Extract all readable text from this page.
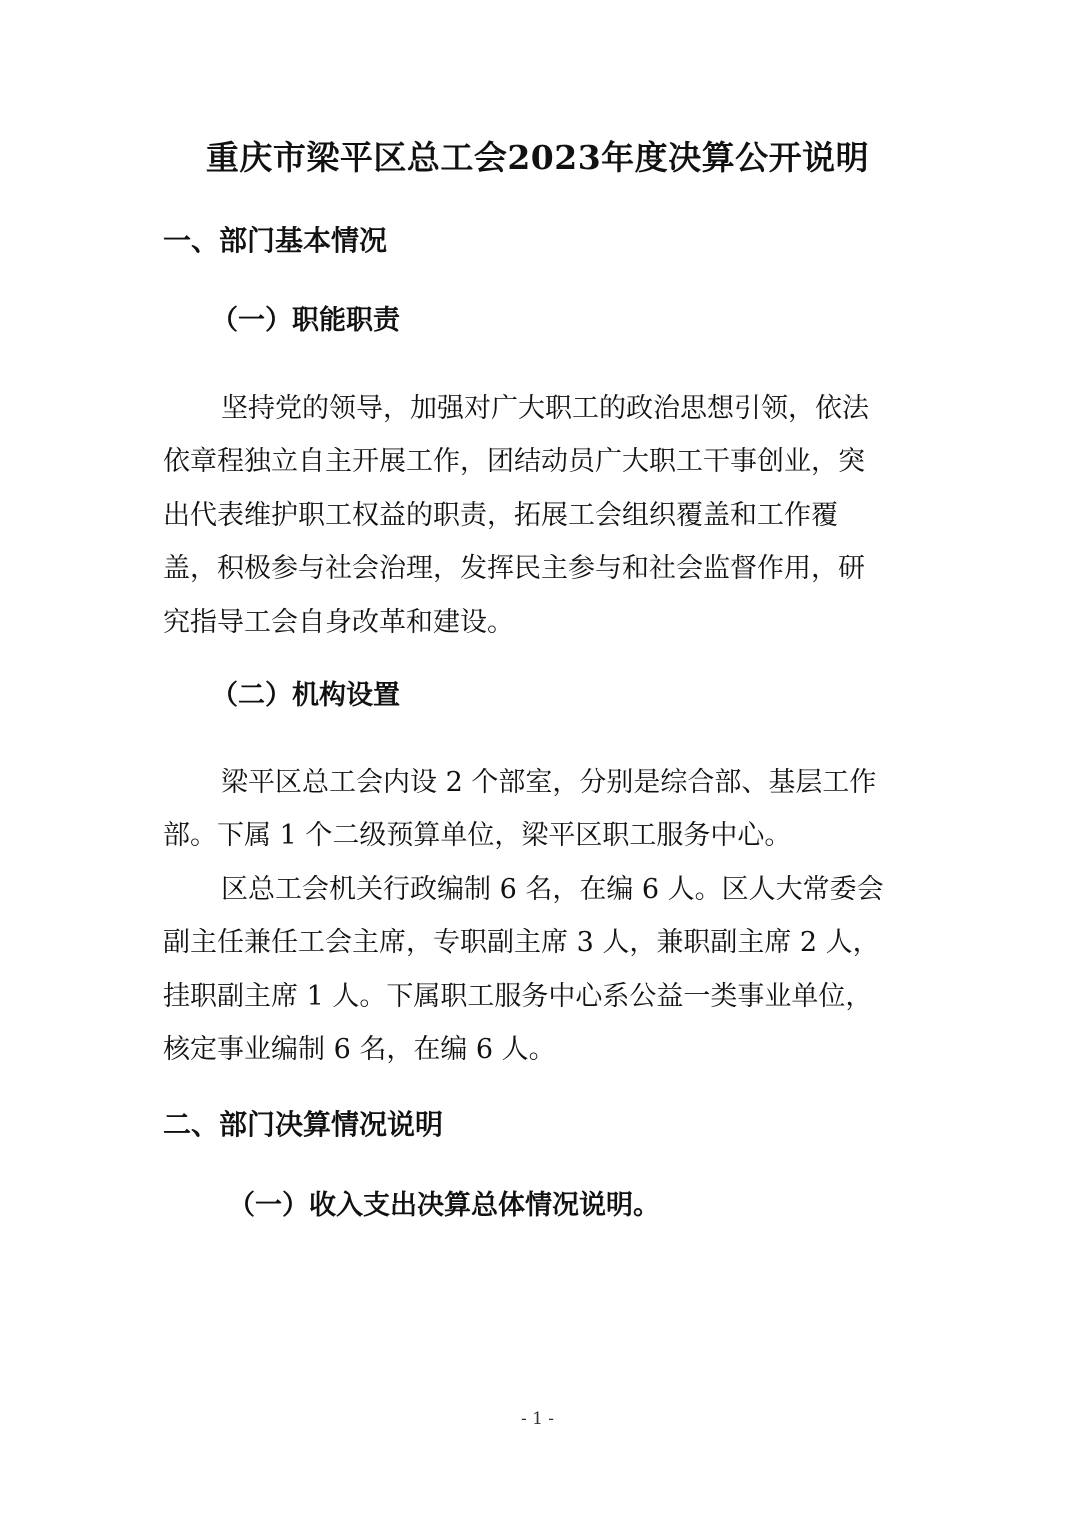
重庆市梁平区总工会2023年度决算公开说明
一、部门基本情况
（一）职能职责
坚持党的领导，加强对广大职工的政治思想引领，依法
依章程独立自主开展工作，团结动员广大职工干事创业，突
出代表维护职工权益的职责，拓展工会组织覆盖和工作覆
盖，积极参与社会治理，发挥民主参与和社会监督作用，研
究指导工会自身改革和建设。
（二）机构设置
梁平区总工会内设 2 个部室，分别是综合部、基层工作
部。下属 1 个二级预算单位，梁平区职工服务中心。
区总工会机关行政编制 6 名，在编 6 人。区人大常委会
副主任兼任工会主席，专职副主席 3 人，兼职副主席 2 人，
挂职副主席 1 人。下属职工服务中心系公益一类事业单位，
核定事业编制 6 名，在编 6 人。
二、部门决算情况说明
（一）收入支出决算总体情况说明。
- 1 -
